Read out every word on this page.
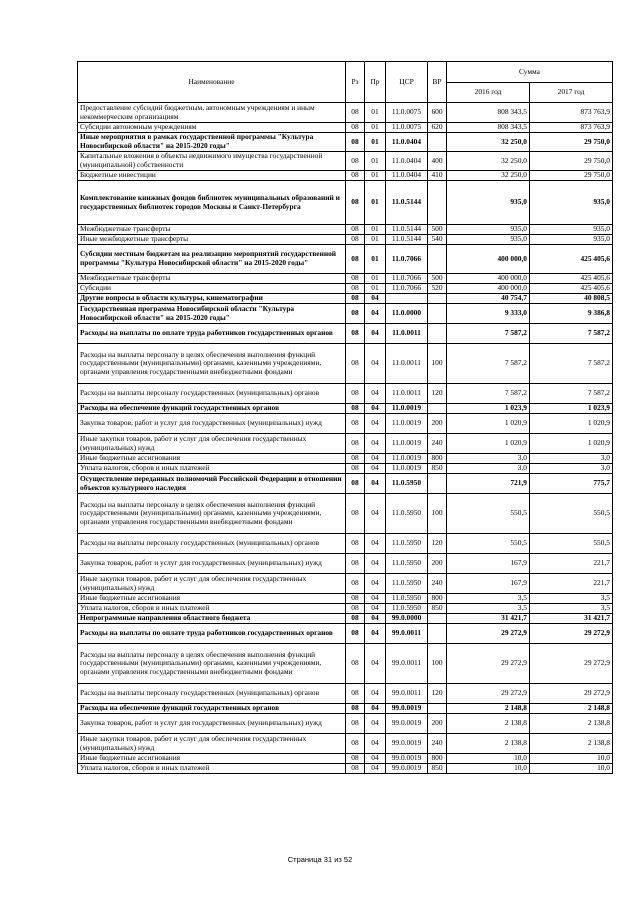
Наименование	Рз	Пр	ЦСР	ВР	Сумма	
					2016 год	2017 год
Предоставление субсидий бюджетным, автономным учреждениям и иным некоммерческим организациям	08	01	11.0.0075	600	808 343,5	873 763,9
Субсидии автономным учреждениям	08	01	11.0.0075	620	808 343,5	873 763,9
Иные мероприятия в рамках государственной программы "Культура Новосибирской области" на 2015-2020 годы"	08	01	11.0.0404		32 250,0	29 750,0
Капитальные вложения в объекты недвижимого имущества государственной (муниципальной) собственности	08	01	11.0.0404	400	32 250,0	29 750,0
Бюджетные инвестиции	08	01	11.0.0404	410	32 250,0	29 750,0
Комплектование книжных фондов библиотек муниципальных образований и государственных библиотек городов Москвы и Санкт-Петербурга	08	01	11.0.5144		935,0	935,0
Межбюджетные трансферты	08	01	11.0.5144	500	935,0	935,0
Иные межбюджетные трансферты	08	01	11.0.5144	540	935,0	935,0
Субсидии местным бюджетам на реализацию мероприятий государственной программы "Культура Новосибирской области" на 2015-2020 годы"	08	01	11.0.7066		400 000,0	425 405,6
Межбюджетные трансферты	08	01	11.0.7066	500	400 000,0	425 405,6
Субсидии	08	01	11.0.7066	520	400 000,0	425 405,6
Другие вопросы в области культуры, кинематографии	08	04			40 754,7	40 808,5
Государственная программа Новосибирской области "Культура Новосибирской области" на 2015-2020 годы"	08	04	11.0.0000		9 333,0	9 386,8
Расходы на выплаты по оплате труда работников государственных органов	08	04	11.0.0011		7 587,2	7 587,2
Расходы на выплаты персоналу в целях обеспечения выполнения функций государственными (муниципальными) органами, казенными учреждениями, органами управления государственными внебюджетными фондами	08	04	11.0.0011	100	7 587,2	7 587,2
Расходы на выплаты персоналу государственных (муниципальных) органов	08	04	11.0.0011	120	7 587,2	7 587,2
Расходы на обеспечение функций государственных органов	08	04	11.0.0019		1 023,9	1 023,9
Закупка товаров, работ и услуг для государственных (муниципальных) нужд	08	04	11.0.0019	200	1 020,9	1 020,9
Иные закупки товаров, работ и услуг для обеспечения государственных (муниципальных) нужд	08	04	11.0.0019	240	1 020,9	1 020,9
Иные бюджетные ассигнования	08	04	11.0.0019	800	3,0	3,0
Уплата налогов, сборов и иных платежей	08	04	11.0.0019	850	3,0	3,0
Осуществление переданных полномочий Российской Федерации в отношении объектов культурного наследия	08	04	11.0.5950		721,9	775,7
Расходы на выплаты персоналу в целях обеспечения выполнения функций государственными (муниципальными) органами, казенными учреждениями, органами управления государственными внебюджетными фондами	08	04	11.0.5950	100	550,5	550,5
Расходы на выплаты персоналу государственных (муниципальных) органов	08	04	11.0.5950	120	550,5	550,5
Закупка товаров, работ и услуг для государственных (муниципальных) нужд	08	04	11.0.5950	200	167,9	221,7
Иные закупки товаров, работ и услуг для обеспечения государственных (муниципальных) нужд	08	04	11.0.5950	240	167,9	221,7
Иные бюджетные ассигнования	08	04	11.0.5950	800	3,5	3,5
Уплата налогов, сборов и иных платежей	08	04	11.0.5950	850	3,5	3,5
Непрограммные направления областного бюджета	08	04	99.0.0000		31 421,7	31 421,7
Расходы на выплаты по оплате труда работников государственных органов	08	04	99.0.0011		29 272,9	29 272,9
Расходы на выплаты персоналу в целях обеспечения выполнения функций государственными (муниципальными) органами, казенными учреждениями, органами управления государственными внебюджетными фондами	08	04	99.0.0011	100	29 272,9	29 272,9
Расходы на выплаты персоналу государственных (муниципальных) органов	08	04	99.0.0011	120	29 272,9	29 272,9
Расходы на обеспечение функций государственных органов	08	04	99.0.0019		2 148,8	2 148,8
Закупка товаров, работ и услуг для государственных (муниципальных) нужд	08	04	99.0.0019	200	2 138,8	2 138,8
Иные закупки товаров, работ и услуг для обеспечения государственных (муниципальных) нужд	08	04	99.0.0019	240	2 138,8	2 138,8
Иные бюджетные ассигнования	08	04	99.0.0019	800	10,0	10,0
Уплата налогов, сборов и иных платежей	08	04	99.0.0019	850	10,0	10,0
Страница 31 из 52
